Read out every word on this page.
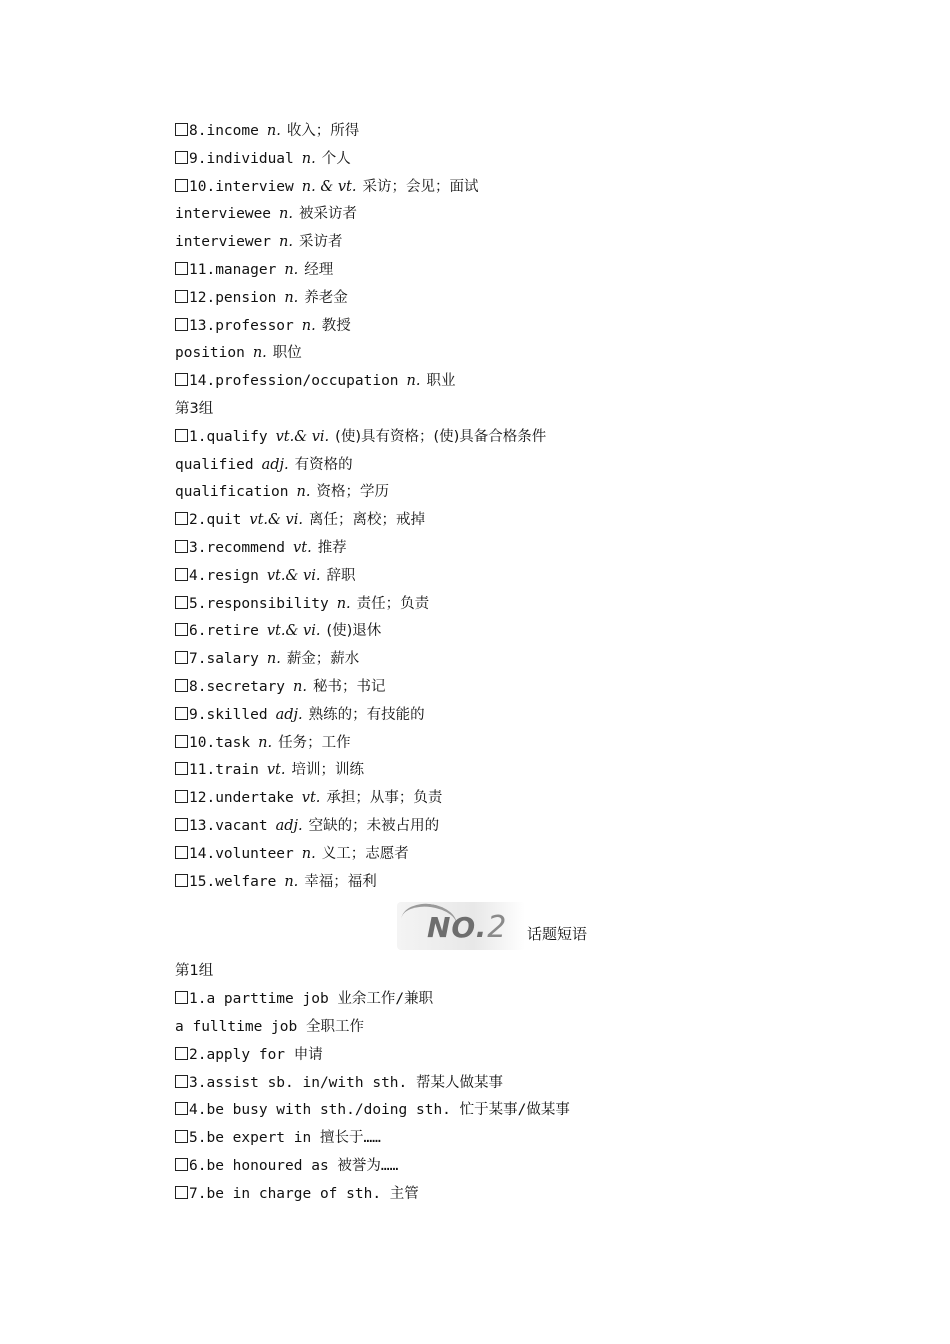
8.income n. 收入；所得
9.individual n. 个人
10.interview n. & vt. 采访；会见；面试
interviewee n. 被采访者
interviewer n. 采访者
11.manager n. 经理
12.pension n. 养老金
13.professor n. 教授
position n. 职位
14.profession/occupation n. 职业
第3组
1.qualify vt.& vi. (使)具有资格；(使)具备合格条件
qualified adj. 有资格的
qualification n. 资格；学历
2.quit vt.& vi. 离任；离校；戒掉
3.recommend vt. 推荐
4.resign vt.& vi. 辞职
5.responsibility n. 责任；负责
6.retire vt.& vi. (使)退休
7.salary n. 薪金；薪水
8.secretary n. 秘书；书记
9.skilled adj. 熟练的；有技能的
10.task n. 任务；工作
11.train vt. 培训；训练
12.undertake vt. 承担；从事；负责
13.vacant adj. 空缺的；未被占用的
14.volunteer n. 义工；志愿者
15.welfare n. 幸福；福利
NO.2 话题短语
第1组
1.a parttime job 业余工作/兼职
a fulltime job 全职工作
2.apply for 申请
3.assist sb. in/with sth. 帮某人做某事
4.be busy with sth./doing sth. 忙于某事/做某事
5.be expert in 擅长于……
6.be honoured as 被誉为……
7.be in charge of sth. 主管
